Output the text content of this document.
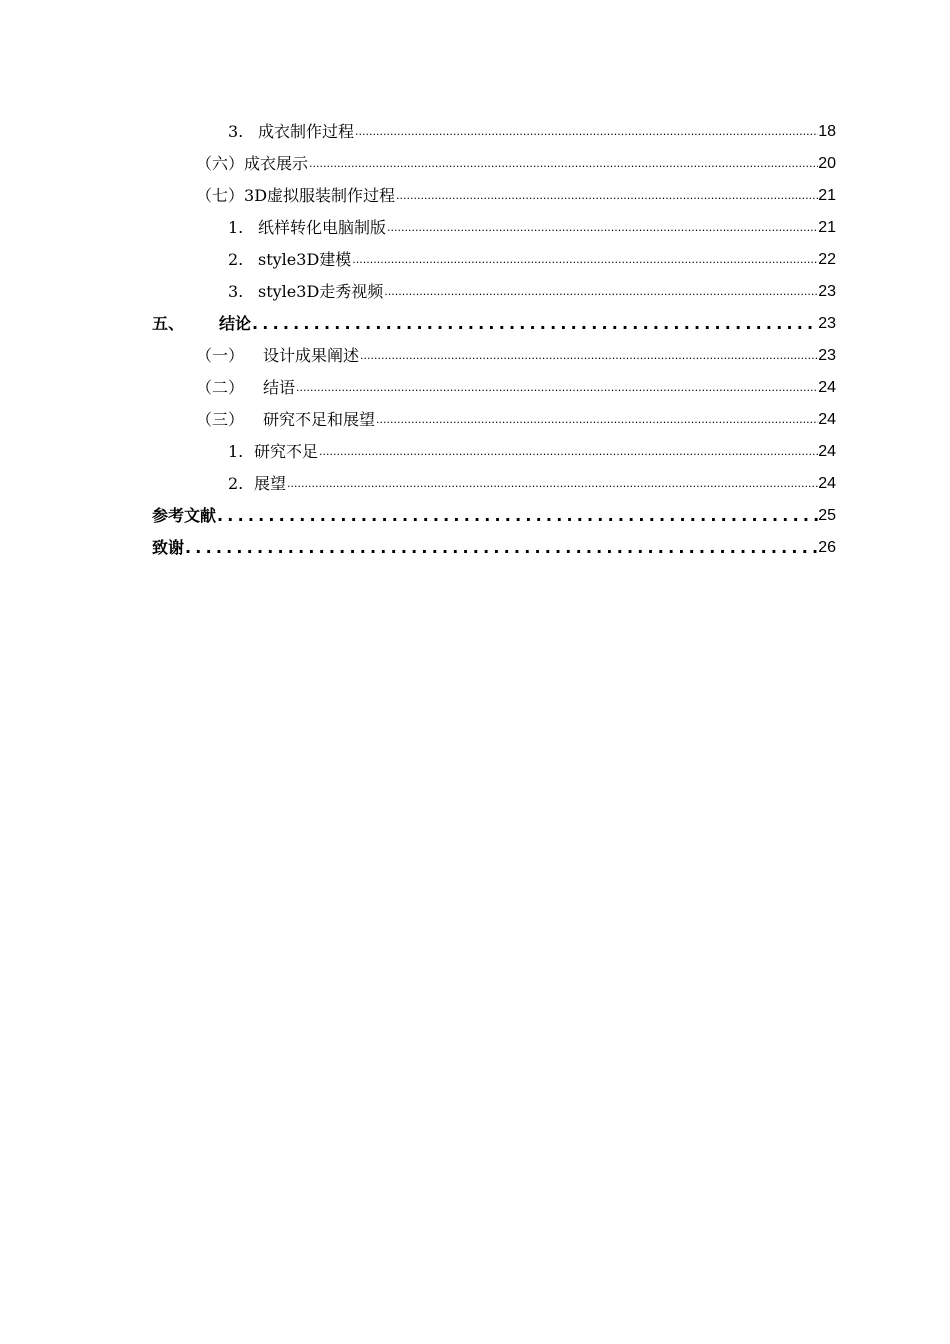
3. 成衣制作过程 .....	18
（六）成衣展示 .....	20
（七）3D虚拟服装制作过程 .....	21
1. 纸样转化电脑制版 .....	21
2. style3D建模 .....	22
3. style3D走秀视频 .....	23
五、 结论 .....	23
（一） 设计成果阐述 .....	23
（二） 结语 .....	24
（三） 研究不足和展望 .....	24
1. 研究不足 .....	24
2. 展望 .....	24
参考文献 .....	25
致谢 .....	26
